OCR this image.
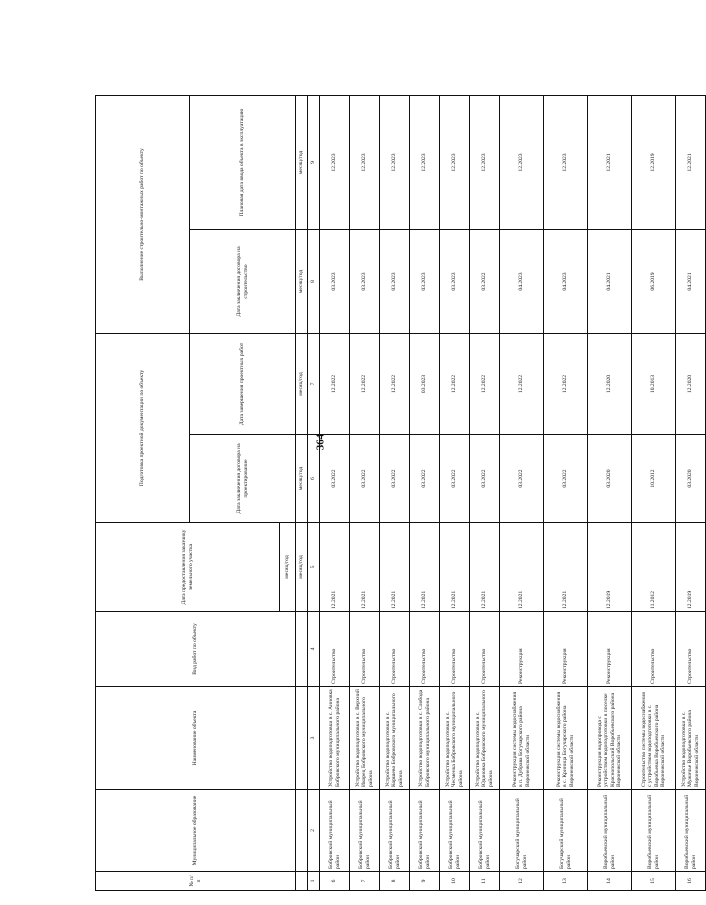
364
№ п/п	Муниципальное образование	Наименование объекта	Вид работ по объекту	Дата предоставления заказчику земельного участка	Подготовка проектной документации по объекту		Выполнение строительно-монтажных работ по объекту	
					Дата заключения договора на проектирование	Дата завершения проектных работ	Дата заключения договора на строительство	Плановая дата ввода объекта в эксплуатацию
				месяц/год				
				месяц/год	месяц/год	месяц/год	месяц/год	месяц/год
1	2	3	4	5	6	7	8	9
6	Бобровский муниципальный район	Устройство водоподготовки в с. Анновка Бобровского муниципального района	Строительство	12.2021	03.2022	12.2022	03.2023	12.2023
7	Бобровский муниципальный район	Устройство водоподготовки в с. Верхний Икорец Бобровского муниципального района	Строительство	12.2021	03.2022	12.2022	03.2023	12.2023
8	Бобровский муниципальный район	Устройство водоподготовки в с. Коршево Бобровского муниципального района	Строительство	12.2021	03.2022	12.2022	03.2023	12.2023
9	Бобровский муниципальный район	Устройство водоподготовки в с. Слобода Бобровского муниципального района	Строительство	12.2021	03.2022	03.2023	03.2023	12.2023
10	Бобровский муниципальный район	Устройство водоподготовки в с. Чесменка Бобровского муниципального района	Строительство	12.2021	03.2022	12.2022	03.2023	12.2023
11	Бобровский муниципальный район	Устройство водоподготовки в с. Юдановка Бобровского муниципального района	Строительство	12.2021	03.2022	12.2022	03.2022	12.2023
12	Богучарский муниципальный район	Реконструкция системы водоснабжения в п. Дубрава Богучарского района Воронежской области	Реконструкция	12.2021	03.2022	12.2022	04.2023	12.2023
13	Богучарский муниципальный район	Реконструкция системы водоснабжения в с. Криница Богучарского района Воронежской области	Реконструкция	12.2021	03.2022	12.2022	04.2023	12.2023
14	Воробьевский муниципальный район	Реконструкция водопровода с устройством водоподготовки в поселке Краснопольский Воробьевского района Воронежской области	Реконструкция	12.2019	03.2020	12.2020	04.2021	12.2021
15	Воробьевский муниципальный район	Строительство системы водоснабжения с устройством водоподготовки в с. Воробьевка Воробьевского района Воронежской области	Строительство	11.2012	10.2012	10.2013	06.2019	12.2019
16	Воробьевский муниципальный район	Устройство водоподготовки в с. Мужичье Воробьевского района Воронежской области	Строительство	12.2019	03.2020	12.2020	04.2021	12.2021
